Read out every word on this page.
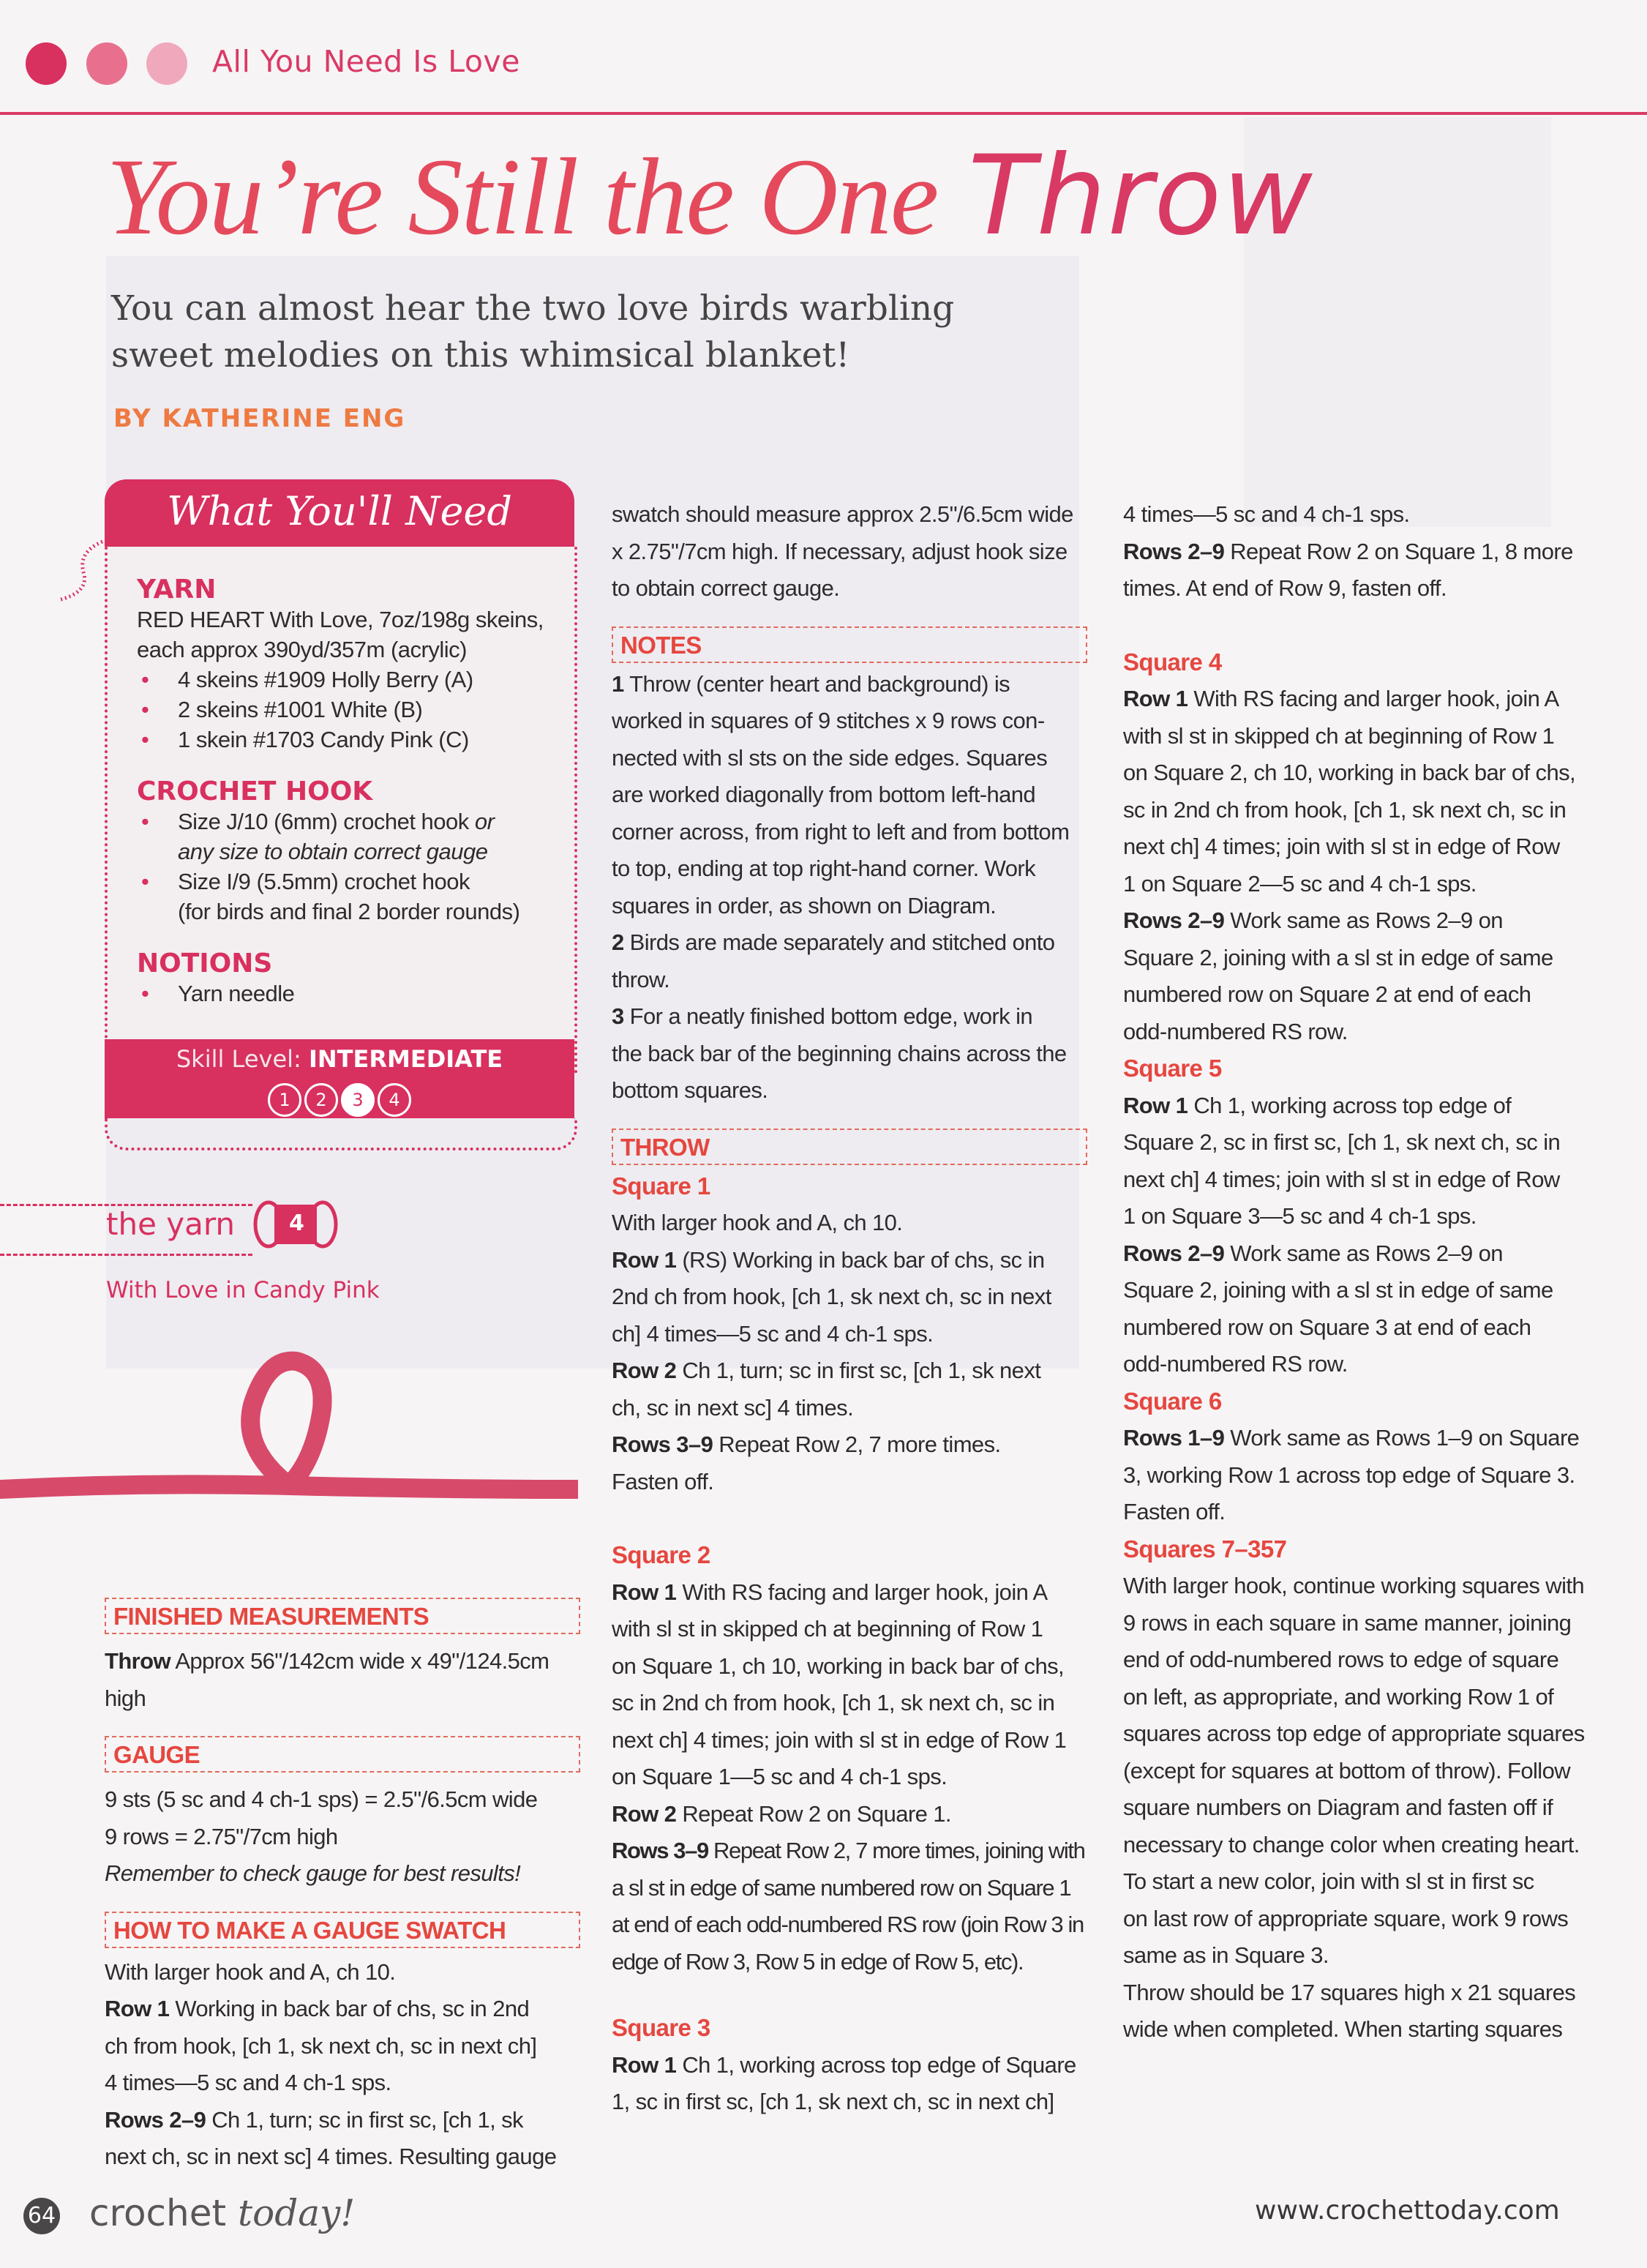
All You Need Is Love
You’re Still the One Throw
You can almost hear the two love birds warbling
sweet melodies on this whimsical blanket!
BY KATHERINE ENG
What You'll Need
YARN
RED HEART With Love, 7oz/198g skeins,
each approx 390yd/357m (acrylic)
• 4 skeins #1909 Holly Berry (A)
• 2 skeins #1001 White (B)
• 1 skein #1703 Candy Pink (C)
CROCHET HOOK
• Size J/10 (6mm) crochet hook or
any size to obtain correct gauge
• Size I/9 (5.5mm) crochet hook
(for birds and final 2 border rounds)
NOTIONS
• Yarn needle
Skill Level: INTERMEDIATE
1 2 3 4
the yarn 4
With Love in Candy Pink
FINISHED MEASUREMENTS

Throw Approx 56"/142cm wide x 49"/124.5cm high

GAUGE

9 sts (5 sc and 4 ch-1 sps) = 2.5"/6.5cm wide

9 rows = 2.75"/7cm high

Remember to check gauge for best results!

HOW TO MAKE A GAUGE SWATCH

With larger hook and A, ch 10.

Row 1 Working in back bar of chs, sc in 2nd

ch from hook, [ch 1, sk next ch, sc in next ch]

4 times—5 sc and 4 ch-1 sps.

Rows 2–9 Ch 1, turn; sc in first sc, [ch 1, sk

next ch, sc in next sc] 4 times. Resulting gauge

swatch should measure approx 2.5"/6.5cm wide

x 2.75"/7cm high. If necessary, adjust hook size

to obtain correct gauge.

NOTES

1 Throw (center heart and background) is

worked in squares of 9 stitches x 9 rows con-

nected with sl sts on the side edges. Squares

are worked diagonally from bottom left-hand

corner across, from right to left and from bottom

to top, ending at top right-hand corner. Work

squares in order, as shown on Diagram.

2 Birds are made separately and stitched onto

throw.

3 For a neatly finished bottom edge, work in

the back bar of the beginning chains across the

bottom squares.

THROW

Square 1

With larger hook and A, ch 10.

Row 1 (RS) Working in back bar of chs, sc in

2nd ch from hook, [ch 1, sk next ch, sc in next

ch] 4 times—5 sc and 4 ch-1 sps.

Row 2 Ch 1, turn; sc in first sc, [ch 1, sk next

ch, sc in next sc] 4 times.

Rows 3–9 Repeat Row 2, 7 more times.

Fasten off.

Square 2

Row 1 With RS facing and larger hook, join A

with sl st in skipped ch at beginning of Row 1

on Square 1, ch 10, working in back bar of chs,

sc in 2nd ch from hook, [ch 1, sk next ch, sc in

next ch] 4 times; join with sl st in edge of Row 1

on Square 1—5 sc and 4 ch-1 sps.

Row 2 Repeat Row 2 on Square 1.

Rows 3–9 Repeat Row 2, 7 more times, joining with

a sl st in edge of same numbered row on Square 1

at end of each odd-numbered RS row (join Row 3 in

edge of Row 3, Row 5 in edge of Row 5, etc).

Square 3

Row 1 Ch 1, working across top edge of Square

1, sc in first sc, [ch 1, sk next ch, sc in next ch]

4 times—5 sc and 4 ch-1 sps.

Rows 2–9 Repeat Row 2 on Square 1, 8 more

times. At end of Row 9, fasten off.

Square 4

Row 1 With RS facing and larger hook, join A

with sl st in skipped ch at beginning of Row 1

on Square 2, ch 10, working in back bar of chs,

sc in 2nd ch from hook, [ch 1, sk next ch, sc in

next ch] 4 times; join with sl st in edge of Row

1 on Square 2—5 sc and 4 ch-1 sps.

Rows 2–9 Work same as Rows 2–9 on

Square 2, joining with a sl st in edge of same

numbered row on Square 2 at end of each

odd-numbered RS row.

Square 5

Row 1 Ch 1, working across top edge of

Square 2, sc in first sc, [ch 1, sk next ch, sc in

next ch] 4 times; join with sl st in edge of Row

1 on Square 3—5 sc and 4 ch-1 sps.

Rows 2–9 Work same as Rows 2–9 on

Square 2, joining with a sl st in edge of same

numbered row on Square 3 at end of each

odd-numbered RS row.

Square 6

Rows 1–9 Work same as Rows 1–9 on Square

3, working Row 1 across top edge of Square 3.

Fasten off.

Squares 7–357

With larger hook, continue working squares with

9 rows in each square in same manner, joining

end of odd-numbered rows to edge of square

on left, as appropriate, and working Row 1 of

squares across top edge of appropriate squares

(except for squares at bottom of throw). Follow

square numbers on Diagram and fasten off if

necessary to change color when creating heart.

To start a new color, join with sl st in first sc

on last row of appropriate square, work 9 rows

same as in Square 3.

Throw should be 17 squares high x 21 squares

wide when completed. When starting squares

64 crochet today!	www.crochettoday.com
